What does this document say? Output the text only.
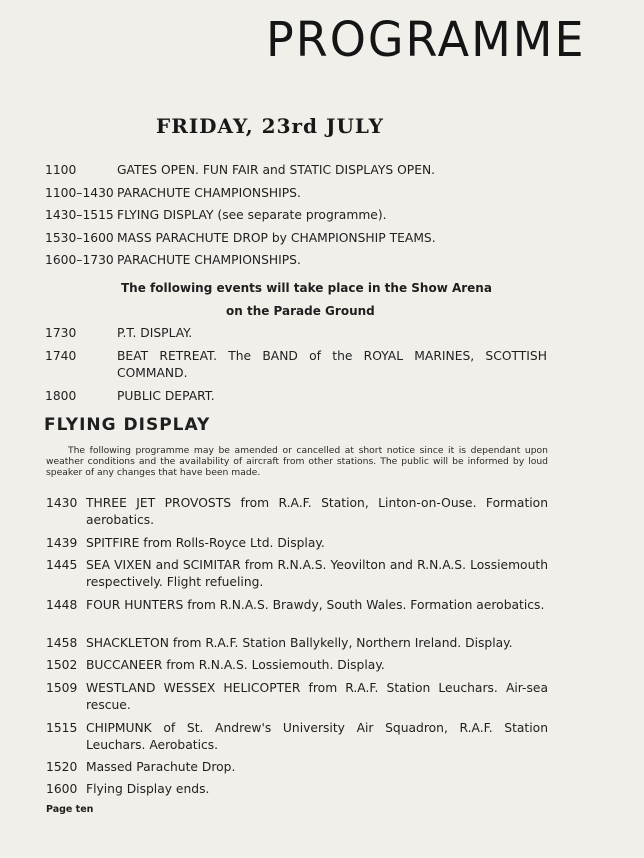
PROGRAMME
FRIDAY, 23rd JULY
1100	GATES OPEN. FUN FAIR and STATIC DISPLAYS OPEN.
1100–1430 PARACHUTE CHAMPIONSHIPS.
1430–1515 FLYING DISPLAY (see separate programme).
1530–1600 MASS PARACHUTE DROP by CHAMPIONSHIP TEAMS.
1600–1730 PARACHUTE CHAMPIONSHIPS.
The following events will take place in the Show Arena
on the Parade Ground
1730	P.T. DISPLAY.
1740	BEAT RETREAT. The BAND of the ROYAL MARINES, SCOTTISH COMMAND.
1800	PUBLIC DEPART.
FLYING DISPLAY
The following programme may be amended or cancelled at short notice since it is dependant upon weather conditions and the availability of aircraft from other stations. The public will be informed by loud speaker of any changes that have been made.
1430 THREE JET PROVOSTS from R.A.F. Station, Linton-on-Ouse. Formation aerobatics.
1439 SPITFIRE from Rolls-Royce Ltd. Display.
1445 SEA VIXEN and SCIMITAR from R.N.A.S. Yeovilton and R.N.A.S. Lossiemouth respectively. Flight refueling.
1448 FOUR HUNTERS from R.N.A.S. Brawdy, South Wales. Formation aerobatics.
1458 SHACKLETON from R.A.F. Station Ballykelly, Northern Ireland. Display.
1502 BUCCANEER from R.N.A.S. Lossiemouth. Display.
1509 WESTLAND WESSEX HELICOPTER from R.A.F. Station Leuchars. Air-sea rescue.
1515 CHIPMUNK of St. Andrew's University Air Squadron, R.A.F. Station Leuchars. Aerobatics.
1520 Massed Parachute Drop.
1600 Flying Display ends.
Page ten
